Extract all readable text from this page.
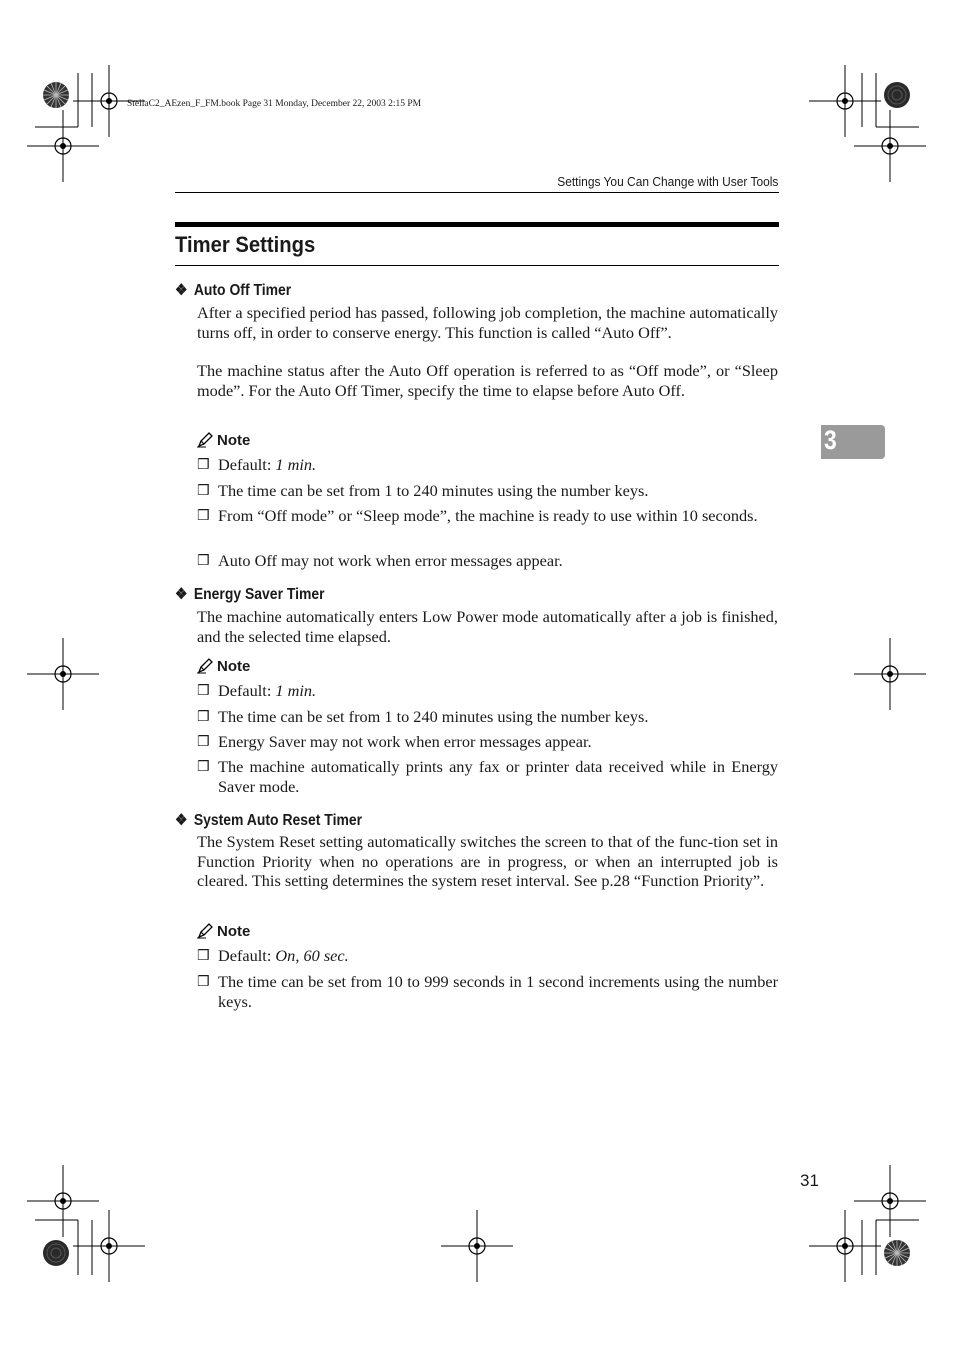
StellaC2_AEzen_F_FM.book Page 31 Monday, December 22, 2003 2:15 PM
Settings You Can Change with User Tools
Timer Settings
3
❖ Auto Off Timer
After a specified period has passed, following job completion, the machine automatically turns off, in order to conserve energy. This function is called “Auto Off”.
The machine status after the Auto Off operation is referred to as “Off mode”, or “Sleep mode”. For the Auto Off Timer, specify the time to elapse before Auto Off.
Note
❒ Default: 1 min.
❒ The time can be set from 1 to 240 minutes using the number keys.
❒ From “Off mode” or “Sleep mode”, the machine is ready to use within 10 seconds.
❒ Auto Off may not work when error messages appear.
❖ Energy Saver Timer
The machine automatically enters Low Power mode automatically after a job is finished, and the selected time elapsed.
Note
❒ Default: 1 min.
❒ The time can be set from 1 to 240 minutes using the number keys.
❒ Energy Saver may not work when error messages appear.
❒ The machine automatically prints any fax or printer data received while in Energy Saver mode.
❖ System Auto Reset Timer
The System Reset setting automatically switches the screen to that of the func-tion set in Function Priority when no operations are in progress, or when an interrupted job is cleared. This setting determines the system reset interval. See p.28 “Function Priority”.
Note
❒ Default: On, 60 sec.
❒ The time can be set from 10 to 999 seconds in 1 second increments using the number keys.
31
